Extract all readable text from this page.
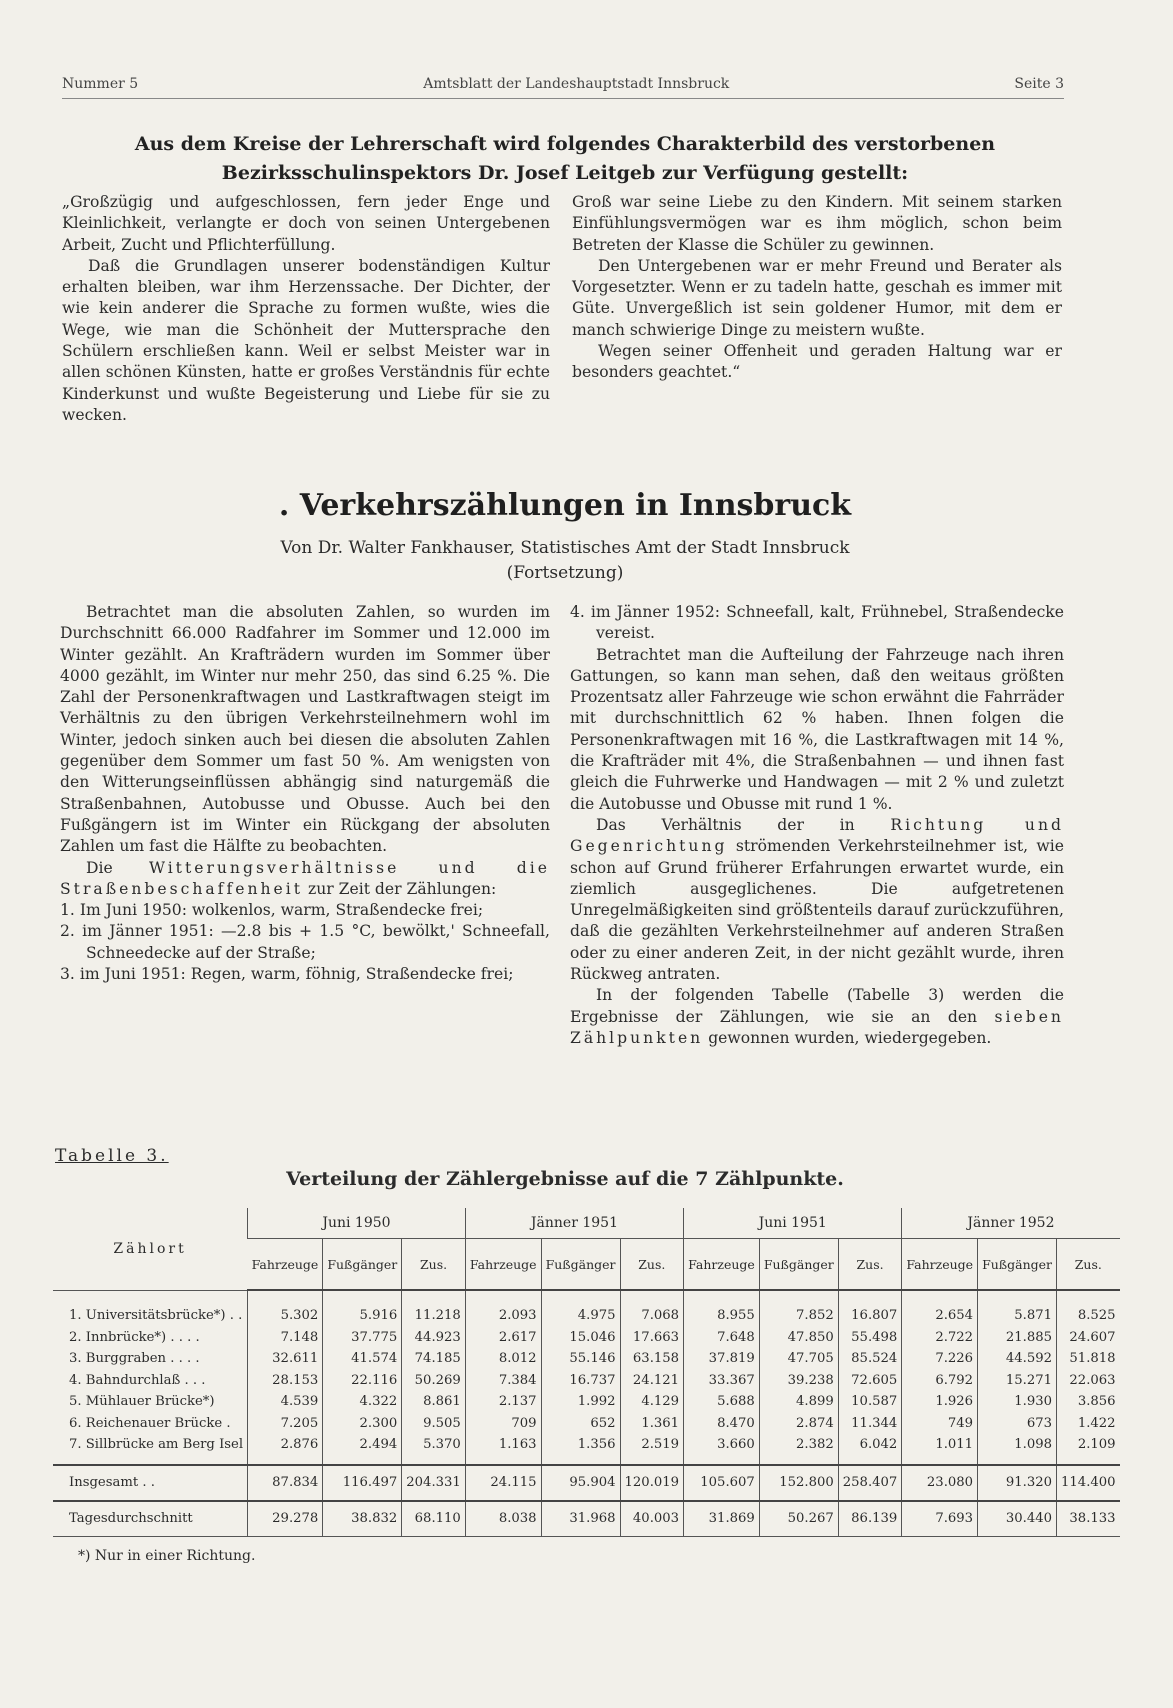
Nummer 5	Amtsblatt der Landeshauptstadt Innsbruck	Seite 3
Aus dem Kreise der Lehrerschaft wird folgendes Charakterbild des verstorbenen
Bezirksschulinspektors Dr. Josef Leitgeb zur Verfügung gestellt:

„Großzügig und aufgeschlossen, fern jeder Enge und Kleinlichkeit, verlangte er doch von seinen Untergebenen Arbeit, Zucht und Pflichterfüllung.

Daß die Grundlagen unserer bodenständigen Kultur erhalten bleiben, war ihm Herzenssache. Der Dichter, der wie kein anderer die Sprache zu formen wußte, wies die Wege, wie man die Schönheit der Muttersprache den Schülern erschließen kann. Weil er selbst Meister war in allen schönen Künsten, hatte er großes Verständnis für echte Kinderkunst und wußte Begeisterung und Liebe für sie zu wecken.

Groß war seine Liebe zu den Kindern. Mit seinem starken Einfühlungsvermögen war es ihm möglich, schon beim Betreten der Klasse die Schüler zu gewinnen.

Den Untergebenen war er mehr Freund und Berater als Vorgesetzter. Wenn er zu tadeln hatte, geschah es immer mit Güte. Unvergeßlich ist sein goldener Humor, mit dem er manch schwierige Dinge zu meistern wußte.

Wegen seiner Offenheit und geraden Haltung war er besonders geachtet.“

. Verkehrszählungen in Innsbruck
Von Dr. Walter Fankhauser, Statistisches Amt der Stadt Innsbruck
(Fortsetzung)

Betrachtet man die absoluten Zahlen, so wurden im Durchschnitt 66.000 Radfahrer im Sommer und 12.000 im Winter gezählt. An Krafträdern wurden im Sommer über 4000 gezählt, im Winter nur mehr 250, das sind 6.25 %. Die Zahl der Personenkraftwagen und Lastkraftwagen steigt im Verhältnis zu den übrigen Verkehrsteilnehmern wohl im Winter, jedoch sinken auch bei diesen die absoluten Zahlen gegenüber dem Sommer um fast 50 %. Am wenigsten von den Witterungseinflüssen abhängig sind naturgemäß die Straßenbahnen, Autobusse und Obusse. Auch bei den Fußgängern ist im Winter ein Rückgang der absoluten Zahlen um fast die Hälfte zu beobachten.

Die Witterungsverhältnisse und die Straßenbeschaffenheit zur Zeit der Zählungen:

1. Im Juni 1950: wolkenlos, warm, Straßendecke frei;

2. im Jänner 1951: —2.8 bis + 1.5 °C, bewölkt,' Schneefall, Schneedecke auf der Straße;

3. im Juni 1951: Regen, warm, föhnig, Straßendecke frei;

4. im Jänner 1952: Schneefall, kalt, Frühnebel, Straßendecke vereist.

Betrachtet man die Aufteilung der Fahrzeuge nach ihren Gattungen, so kann man sehen, daß den weitaus größten Prozentsatz aller Fahrzeuge wie schon erwähnt die Fahrräder mit durchschnittlich 62 % haben. Ihnen folgen die Personenkraftwagen mit 16 %, die Lastkraftwagen mit 14 %, die Krafträder mit 4%, die Straßenbahnen — und ihnen fast gleich die Fuhrwerke und Handwagen — mit 2 % und zuletzt die Autobusse und Obusse mit rund 1 %.

Das Verhältnis der in Richtung und Gegenrichtung strömenden Verkehrsteilnehmer ist, wie schon auf Grund früherer Erfahrungen erwartet wurde, ein ziemlich ausgeglichenes. Die aufgetretenen Unregelmäßigkeiten sind größtenteils darauf zurückzuführen, daß die gezählten Verkehrsteilnehmer auf anderen Straßen oder zu einer anderen Zeit, in der nicht gezählt wurde, ihren Rückweg antraten.

In der folgenden Tabelle (Tabelle 3) werden die Ergebnisse der Zählungen, wie sie an den sieben Zählpunkten gewonnen wurden, wiedergegeben.

Tabelle 3.
Verteilung der Zählergebnisse auf die 7 Zählpunkte.
Zählort	Juni 1950			Jänner 1951			Juni 1951			Jänner 1952		
	Fahrzeuge	Fußgänger	Zus.	Fahrzeuge	Fußgänger	Zus.	Fahrzeuge	Fußgänger	Zus.	Fahrzeuge	Fußgänger	Zus.
1. Universitätsbrücke*) . .	5.302	5.916	11.218	2.093	4.975	7.068	8.955	7.852	16.807	2.654	5.871	8.525
2. Innbrücke*) . . . .	7.148	37.775	44.923	2.617	15.046	17.663	7.648	47.850	55.498	2.722	21.885	24.607
3. Burggraben . . . .	32.611	41.574	74.185	8.012	55.146	63.158	37.819	47.705	85.524	7.226	44.592	51.818
4. Bahndurchlaß . . .	28.153	22.116	50.269	7.384	16.737	24.121	33.367	39.238	72.605	6.792	15.271	22.063
5. Mühlauer Brücke*)	4.539	4.322	8.861	2.137	1.992	4.129	5.688	4.899	10.587	1.926	1.930	3.856
6. Reichenauer Brücke .	7.205	2.300	9.505	709	652	1.361	8.470	2.874	11.344	749	673	1.422
7. Sillbrücke am Berg Isel	2.876	2.494	5.370	1.163	1.356	2.519	3.660	2.382	6.042	1.011	1.098	2.109
Insgesamt . .	87.834	116.497	204.331	24.115	95.904	120.019	105.607	152.800	258.407	23.080	91.320	114.400
Tagesdurchschnitt	29.278	38.832	68.110	8.038	31.968	40.003	31.869	50.267	86.139	7.693	30.440	38.133
*) Nur in einer Richtung.
